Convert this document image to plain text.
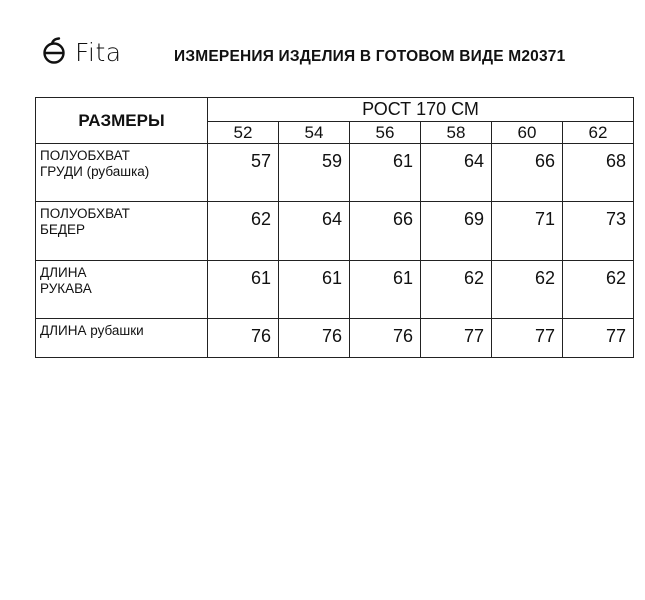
Fita	ИЗМЕРЕНИЯ ИЗДЕЛИЯ В ГОТОВОМ ВИДЕ М20371
РАЗМЕРЫ	РОСТ 170 СМ					
	52	54	56	58	60	62
ПОЛУОБХВАТ
ГРУДИ (рубашка)	57	59	61	64	66	68
ПОЛУОБХВАТ
БЕДЕР	62	64	66	69	71	73
ДЛИНА
РУКАВА	61	61	61	62	62	62
ДЛИНА рубашки	76	76	76	77	77	77
